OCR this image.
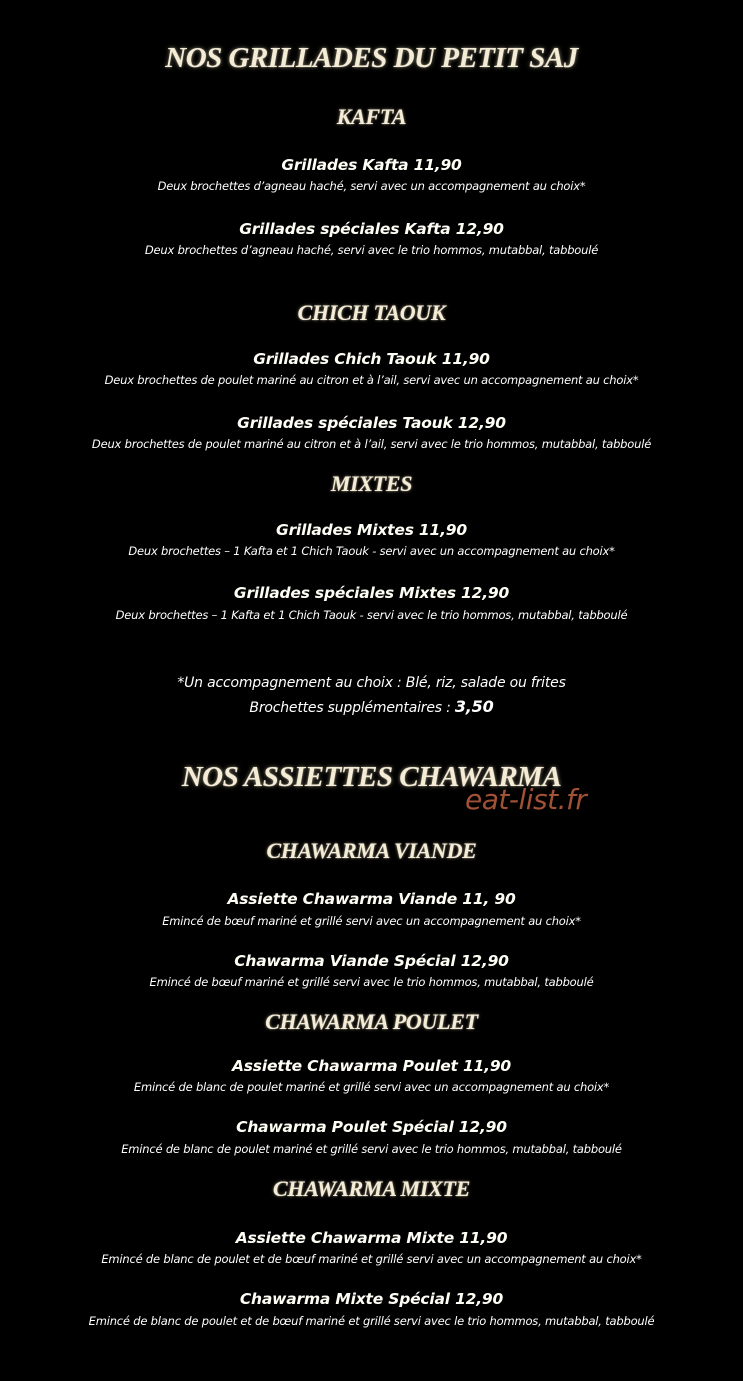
NOS GRILLADES DU PETIT SAJ
KAFTA
Grillades Kafta 11,90
Deux brochettes d’agneau haché, servi avec un accompagnement au choix*
Grillades spéciales Kafta 12,90
Deux brochettes d’agneau haché, servi avec le trio hommos, mutabbal, tabboulé
CHICH TAOUK
Grillades Chich Taouk 11,90
Deux brochettes de poulet mariné au citron et à l’ail, servi avec un accompagnement au choix*
Grillades spéciales Taouk 12,90
Deux brochettes de poulet mariné au citron et à l’ail, servi avec le trio hommos, mutabbal, tabboulé
MIXTES
Grillades Mixtes 11,90
Deux brochettes – 1 Kafta et 1 Chich Taouk - servi avec un accompagnement au choix*
Grillades spéciales Mixtes 12,90
Deux brochettes – 1 Kafta et 1 Chich Taouk - servi avec le trio hommos, mutabbal, tabboulé
*Un accompagnement au choix : Blé, riz, salade ou frites
Brochettes supplémentaires : 3,50
NOS ASSIETTES CHAWARMA
eat-list.fr
CHAWARMA VIANDE
Assiette Chawarma Viande 11, 90
Emincé de bœuf mariné et grillé servi avec un accompagnement au choix*
Chawarma Viande Spécial 12,90
Emincé de bœuf mariné et grillé servi avec le trio hommos, mutabbal, tabboulé
CHAWARMA POULET
Assiette Chawarma Poulet 11,90
Emincé de blanc de poulet mariné et grillé servi avec un accompagnement au choix*
Chawarma Poulet Spécial 12,90
Emincé de blanc de poulet mariné et grillé servi avec le trio hommos, mutabbal, tabboulé
CHAWARMA MIXTE
Assiette Chawarma Mixte 11,90
Emincé de blanc de poulet et de bœuf mariné et grillé servi avec un accompagnement au choix*
Chawarma Mixte Spécial 12,90
Emincé de blanc de poulet et de bœuf mariné et grillé servi avec le trio hommos, mutabbal, tabboulé
